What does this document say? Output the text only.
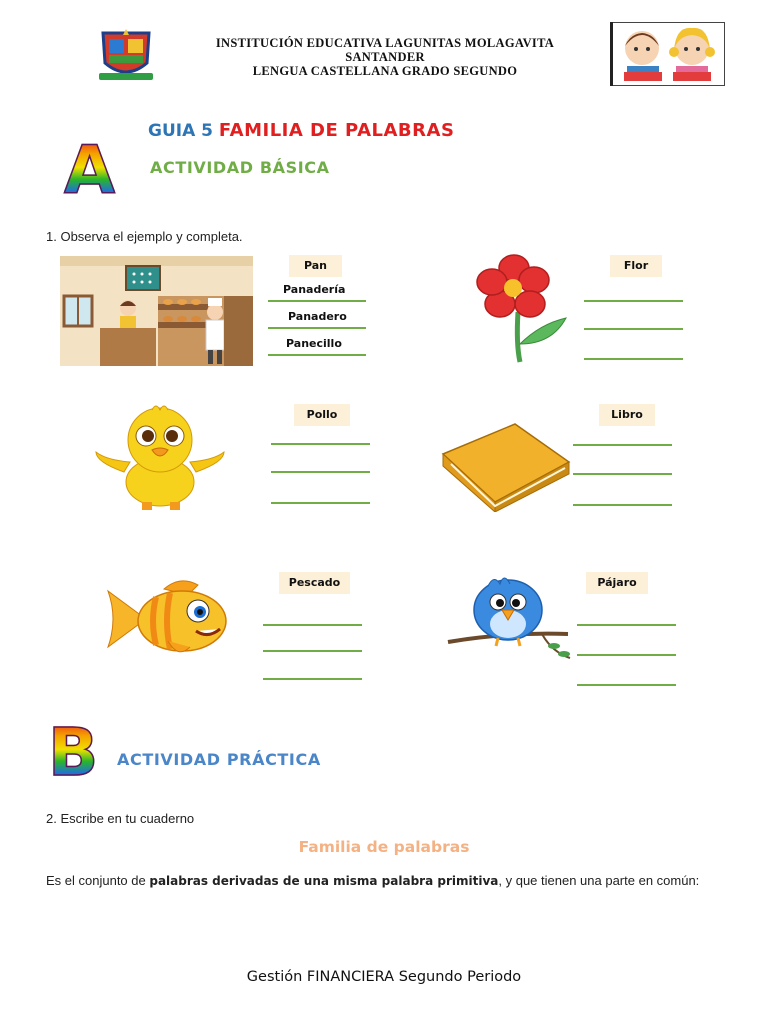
INSTITUCIÓN EDUCATIVA LAGUNITAS MOLAGAVITA
SANTANDER
LENGUA CASTELLANA GRADO SEGUNDO
GUIA 5 FAMILIA DE PALABRAS
A ACTIVIDAD BÁSICA
1. Observa el ejemplo y completa.
Pan
Panadería
Panadero
Panecillo
Flor
Pollo	Libro
Pescado	Pájaro
B ACTIVIDAD PRÁCTICA
2. Escribe en tu cuaderno
Familia de palabras
Es el conjunto de palabras derivadas de una misma palabra primitiva, y que tienen una parte en común:
Gestión FINANCIERA Segundo Periodo
